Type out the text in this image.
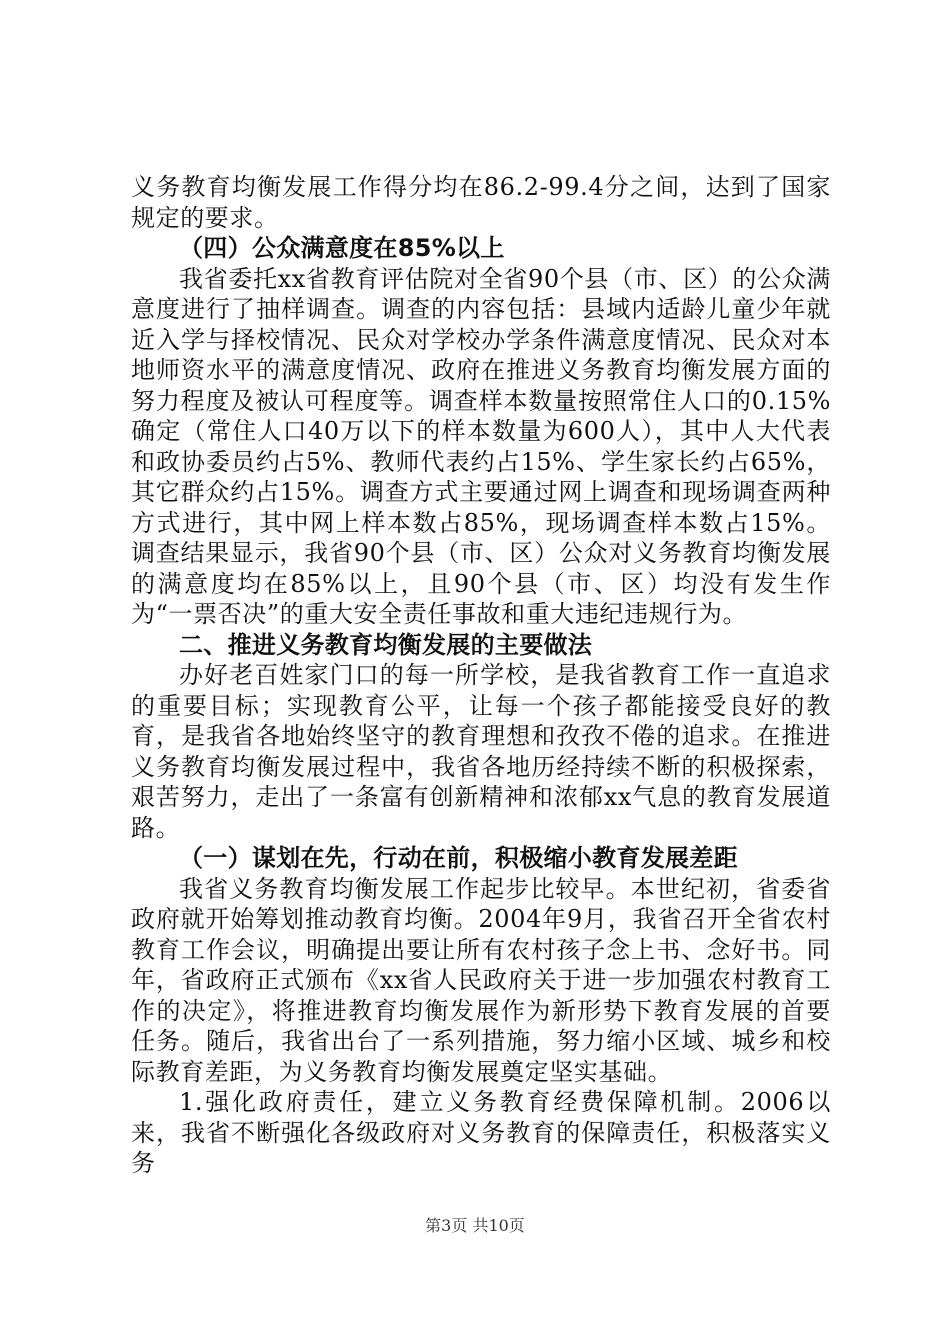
义务教育均衡发展工作得分均在86.2-99.4分之间，达到了国家规定的要求。

（四）公众满意度在85%以上

我省委托xx省教育评估院对全省90个县（市、区）的公众满意度进行了抽样调查。调查的内容包括：县域内适龄儿童少年就近入学与择校情况、民众对学校办学条件满意度情况、民众对本地师资水平的满意度情况、政府在推进义务教育均衡发展方面的努力程度及被认可程度等。调查样本数量按照常住人口的0.15%确定（常住人口40万以下的样本数量为600人），其中人大代表和政协委员约占5%、教师代表约占15%、学生家长约占65%，其它群众约占15%。调查方式主要通过网上调查和现场调查两种方式进行，其中网上样本数占85%，现场调查样本数占15%。调查结果显示，我省90个县（市、区）公众对义务教育均衡发展的满意度均在85%以上，且90个县（市、区）均没有发生作为“一票否决”的重大安全责任事故和重大违纪违规行为。

二、推进义务教育均衡发展的主要做法

办好老百姓家门口的每一所学校，是我省教育工作一直追求的重要目标；实现教育公平，让每一个孩子都能接受良好的教育，是我省各地始终坚守的教育理想和孜孜不倦的追求。在推进义务教育均衡发展过程中，我省各地历经持续不断的积极探索，艰苦努力，走出了一条富有创新精神和浓郁xx气息的教育发展道路。

（一）谋划在先，行动在前，积极缩小教育发展差距

我省义务教育均衡发展工作起步比较早。本世纪初，省委省政府就开始筹划推动教育均衡。2004年9月，我省召开全省农村教育工作会议，明确提出要让所有农村孩子念上书、念好书。同年，省政府正式颁布《xx省人民政府关于进一步加强农村教育工作的决定》，将推进教育均衡发展作为新形势下教育发展的首要任务。随后，我省出台了一系列措施，努力缩小区域、城乡和校际教育差距，为义务教育均衡发展奠定坚实基础。

1.强化政府责任，建立义务教育经费保障机制。2006以来，我省不断强化各级政府对义务教育的保障责任，积极落实义务

第3页 共10页
